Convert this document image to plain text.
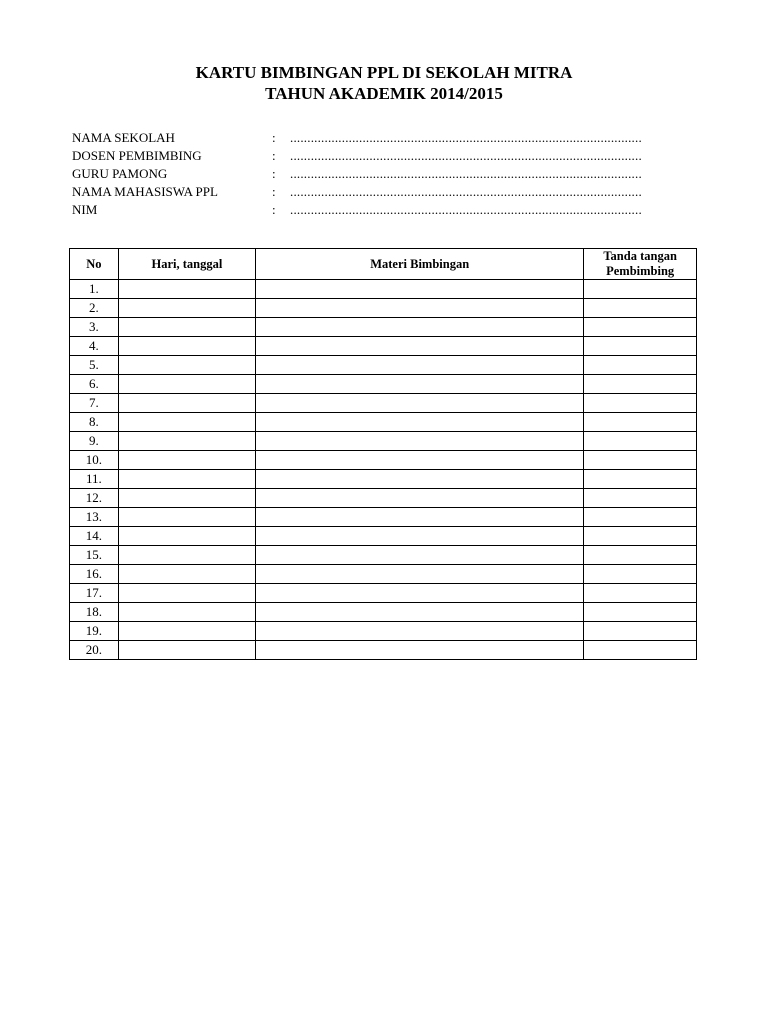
KARTU BIMBINGAN PPL DI SEKOLAH MITRA
TAHUN AKADEMIK 2014/2015
NAMA SEKOLAH	:	......................................................................................................
DOSEN PEMBIMBING	:	......................................................................................................
GURU PAMONG	:	......................................................................................................
NAMA MAHASISWA PPL	:	......................................................................................................
NIM	:	......................................................................................................
No	Hari, tanggal	Materi Bimbingan	Tanda tangan Pembimbing
1.			
2.			
3.			
4.			
5.			
6.			
7.			
8.			
9.			
10.			
11.			
12.			
13.			
14.			
15.			
16.			
17.			
18.			
19.			
20.			
